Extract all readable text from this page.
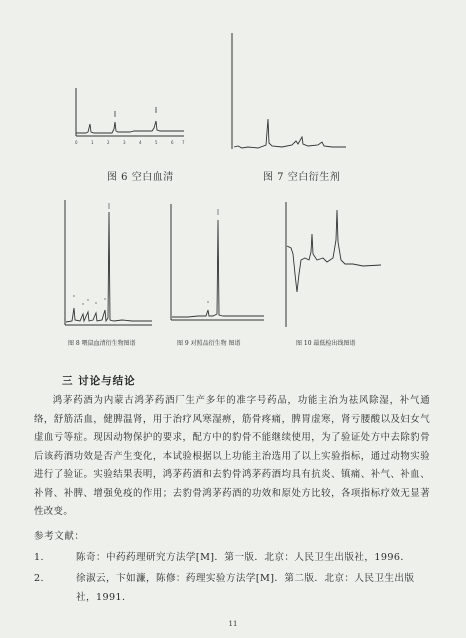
0	1	2	3	4	5	6 7
图 6 空白血清	图 7 空白衍生剂
图 8 喂鼠血清衍生物图谱	图 9 对照品衍生物 图谱	图 10 最低检出线图谱
三 讨论与结论
鸿茅药酒为内蒙古鸿茅药酒厂生产多年的准字号药品，功能主治为祛风除湿，补气通络，舒筋活血，健脾温肾，用于治疗风寒湿痹，筋骨疼痛，脾胃虚寒，肾亏腰酸以及妇女气虚血亏等症。现因动物保护的要求，配方中的豹骨不能继续使用，为了验证处方中去除豹骨后该药酒功效是否产生变化，本试验根据以上功能主治选用了以上实验指标，通过动物实验进行了验证。实验结果表明，鸿茅药酒和去豹骨鸿茅药酒均具有抗炎、镇痛、补气、补血、补肾、补脾、增强免疫的作用；去豹骨鸿茅药酒的功效和原处方比较，各项指标疗效无显著性改变。
参考文献：
1.	陈奇：中药药理研究方法学[M]．第一版．北京：人民卫生出版社，1996．
2.	徐淑云，卞如濂，陈修：药理实验方法学[M]．第二版．北京：人民卫生出版社，1991．
11
